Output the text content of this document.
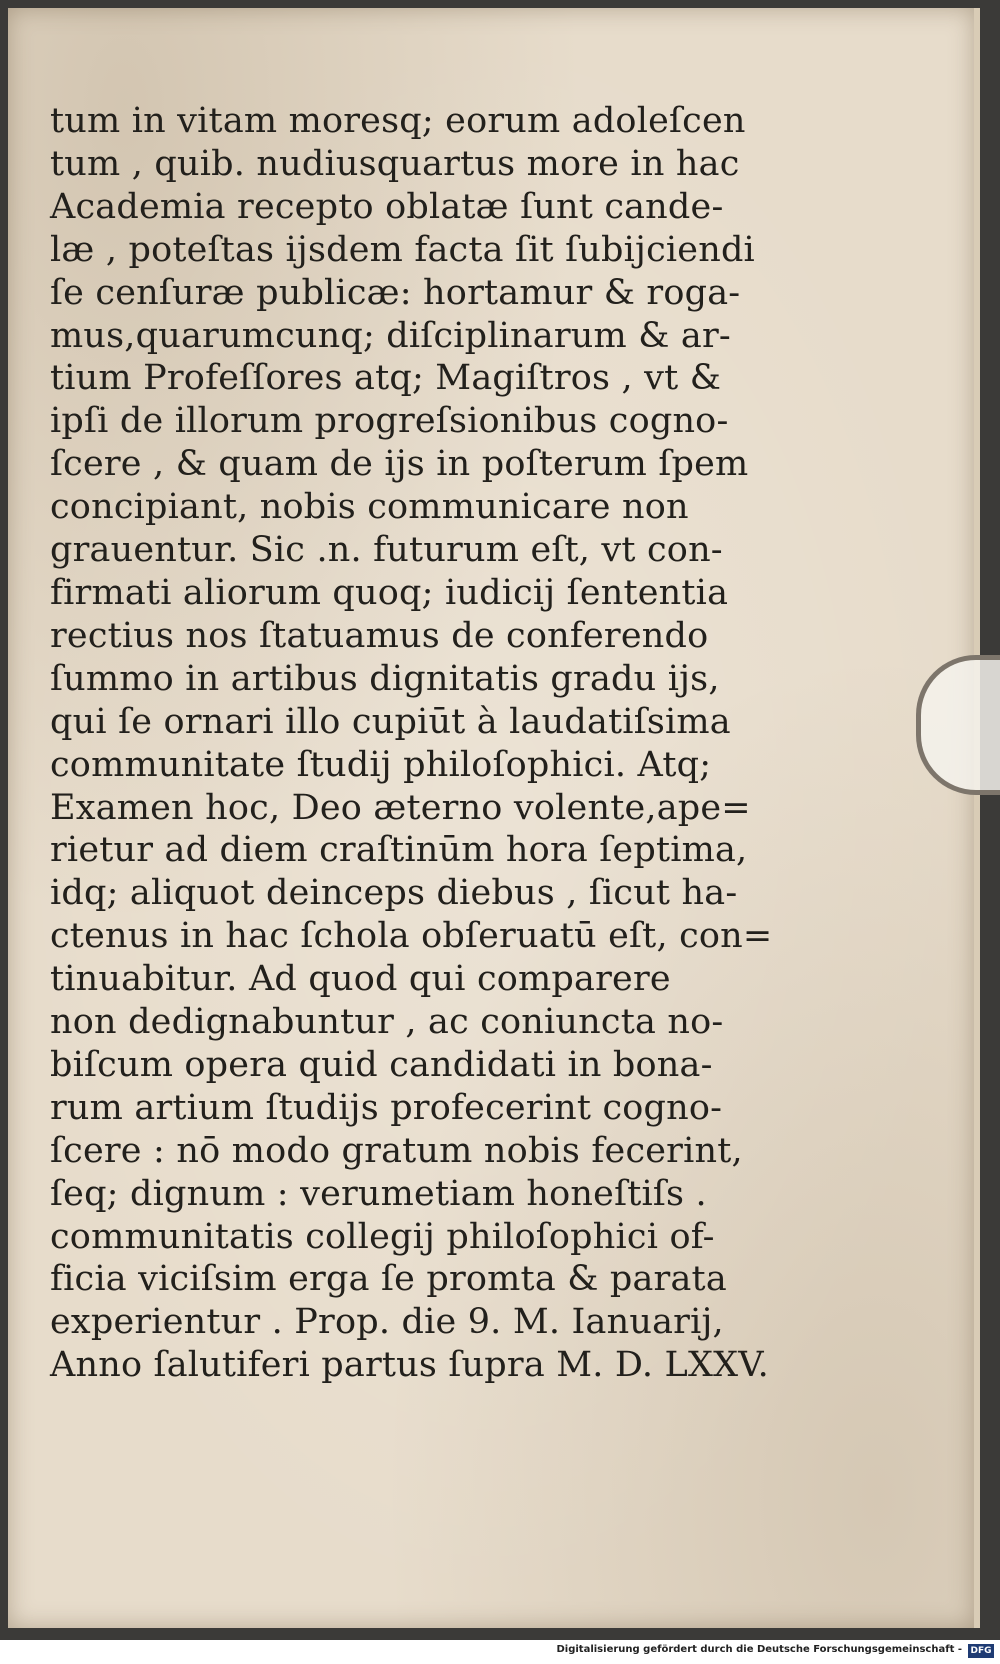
tum in vitam moresq; eorum adoleſcen
tum , quib. nudiusquartus more in hac
Academia recepto oblatæ ſunt cande-
læ , poteſtas ijsdem facta ſit ſubijciendi
ſe cenſuræ publicæ: hortamur & roga-
mus,quarumcunq; diſciplinarum & ar-
tium Profeſſores atq; Magiſtros , vt &
ipſi de illorum progreſsionibus cogno-
ſcere , & quam de ijs in poſterum ſpem
concipiant, nobis communicare non
grauentur. Sic .n. futurum eſt, vt con-
firmati aliorum quoq; iudicij ſententia
rectius nos ſtatuamus de conferendo
ſummo in artibus dignitatis gradu ijs,
qui ſe ornari illo cupiūt à laudatiſsima
communitate ſtudij philoſophici. Atq;
Examen hoc, Deo æterno volente,ape=
rietur ad diem craſtinūm hora ſeptima,
idq; aliquot deinceps diebus , ſicut ha-
ctenus in hac ſchola obſeruatū eſt, con=
tinuabitur. Ad quod qui comparere
non dedignabuntur , ac coniuncta no-
biſcum opera quid candidati in bona-
rum artium ſtudijs profecerint cogno-
ſcere : nō modo gratum nobis fecerint,
ſeq; dignum : verumetiam honeſtiſs .
communitatis collegij philoſophici of-
ficia viciſsim erga ſe promta & parata
experientur . Prop. die 9. M. Ianuarij,
Anno ſalutiferi partus ſupra M. D. LXXV.
Digitalisierung gefördert durch die Deutsche Forschungsgemeinschaft - DFG
